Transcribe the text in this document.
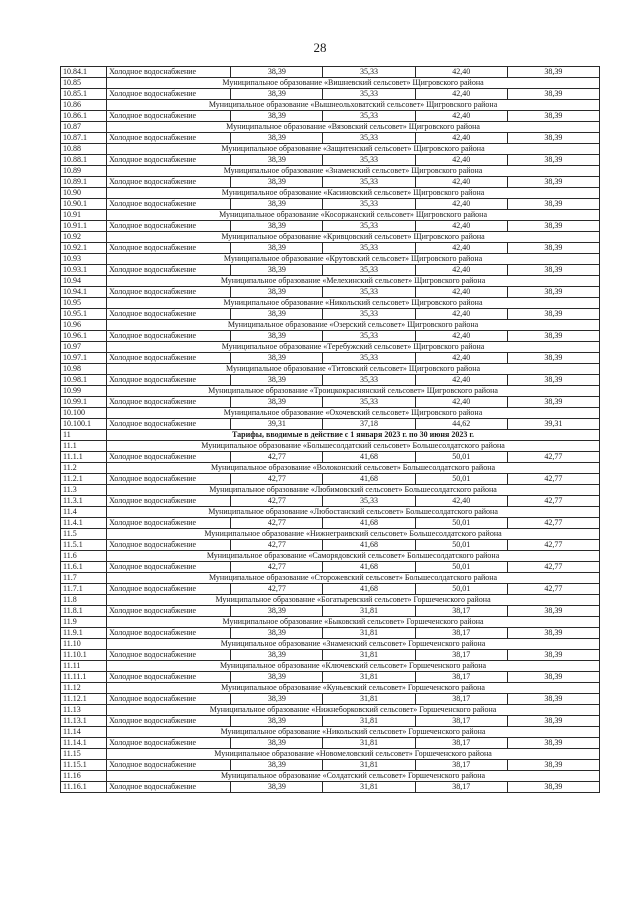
28
10.84.1	Холодное водоснабжение	38,39	35,33	42,40	38,39
10.85	Муниципальное образование «Вишневский сельсовет» Щигровского района				
10.85.1	Холодное водоснабжение	38,39	35,33	42,40	38,39
10.86	Муниципальное образование «Вышнеольховатский сельсовет» Щигровского района				
10.86.1	Холодное водоснабжение	38,39	35,33	42,40	38,39
10.87	Муниципальное образование «Вязовский сельсовет» Щигровского района				
10.87.1	Холодное водоснабжение	38,39	35,33	42,40	38,39
10.88	Муниципальное образование «Защитенский сельсовет» Щигровского района				
10.88.1	Холодное водоснабжение	38,39	35,33	42,40	38,39
10.89	Муниципальное образование «Знаменский сельсовет» Щигровского района				
10.89.1	Холодное водоснабжение	38,39	35,33	42,40	38,39
10.90	Муниципальное образование «Касиновский сельсовет» Щигровского района				
10.90.1	Холодное водоснабжение	38,39	35,33	42,40	38,39
10.91	Муниципальное образование «Косоржанский сельсовет» Щигровского района				
10.91.1	Холодное водоснабжение	38,39	35,33	42,40	38,39
10.92	Муниципальное образование «Кривцовский сельсовет» Щигровского района				
10.92.1	Холодное водоснабжение	38,39	35,33	42,40	38,39
10.93	Муниципальное образование «Крутовский сельсовет» Щигровского района				
10.93.1	Холодное водоснабжение	38,39	35,33	42,40	38,39
10.94	Муниципальное образование «Мелехинский сельсовет» Щигровского района				
10.94.1	Холодное водоснабжение	38,39	35,33	42,40	38,39
10.95	Муниципальное образование «Никольский сельсовет» Щигровского района				
10.95.1	Холодное водоснабжение	38,39	35,33	42,40	38,39
10.96	Муниципальное образование «Озерский сельсовет» Щигровского района				
10.96.1	Холодное водоснабжение	38,39	35,33	42,40	38,39
10.97	Муниципальное образование «Теребужский сельсовет» Щигровского района				
10.97.1	Холодное водоснабжение	38,39	35,33	42,40	38,39
10.98	Муниципальное образование «Титовский сельсовет» Щигровского района				
10.98.1	Холодное водоснабжение	38,39	35,33	42,40	38,39
10.99	Муниципальное образование «Троицкокраснянский сельсовет» Щигровского района				
10.99.1	Холодное водоснабжение	38,39	35,33	42,40	38,39
10.100	Муниципальное образование «Охочевский сельсовет» Щигровского района				
10.100.1	Холодное водоснабжение	39,31	37,18	44,62	39,31
11	Тарифы, вводимые в действие с 1 января 2023 г. по 30 июня 2023 г.				
11.1	Муниципальное образование «Большесолдатский сельсовет» Большесолдатского района				
11.1.1	Холодное водоснабжение	42,77	41,68	50,01	42,77
11.2	Муниципальное образование «Волоконский сельсовет» Большесолдатского района				
11.2.1	Холодное водоснабжение	42,77	41,68	50,01	42,77
11.3	Муниципальное образование «Любимовский сельсовет» Большесолдатского района				
11.3.1	Холодное водоснабжение	42,77	35,33	42,40	42,77
11.4	Муниципальное образование «Любостанский сельсовет» Большесолдатского района				
11.4.1	Холодное водоснабжение	42,77	41,68	50,01	42,77
11.5	Муниципальное образование «Нижнеграивский сельсовет» Большесолдатского района				
11.5.1	Холодное водоснабжение	42,77	41,68	50,01	42,77
11.6	Муниципальное образование «Саморядовский сельсовет» Большесолдатского района				
11.6.1	Холодное водоснабжение	42,77	41,68	50,01	42,77
11.7	Муниципальное образование «Сторожевский сельсовет» Большесолдатского района				
11.7.1	Холодное водоснабжение	42,77	41,68	50,01	42,77
11.8	Муниципальное образование «Богатыревский сельсовет» Горшеченского района				
11.8.1	Холодное водоснабжение	38,39	31,81	38,17	38,39
11.9	Муниципальное образование «Быковский сельсовет» Горшеченского района				
11.9.1	Холодное водоснабжение	38,39	31,81	38,17	38,39
11.10	Муниципальное образование «Знаменский сельсовет» Горшеченского района				
11.10.1	Холодное водоснабжение	38,39	31,81	38,17	38,39
11.11	Муниципальное образование «Ключевский сельсовет» Горшеченского района				
11.11.1	Холодное водоснабжение	38,39	31,81	38,17	38,39
11.12	Муниципальное образование «Куньевский сельсовет» Горшеченского района				
11.12.1	Холодное водоснабжение	38,39	31,81	38,17	38,39
11.13	Муниципальное образование «Нижнеборковский сельсовет» Горшеченского района				
11.13.1	Холодное водоснабжение	38,39	31,81	38,17	38,39
11.14	Муниципальное образование «Никольский сельсовет» Горшеченского района				
11.14.1	Холодное водоснабжение	38,39	31,81	38,17	38,39
11.15	Муниципальное образование «Новомеловский сельсовет» Горшеченского района				
11.15.1	Холодное водоснабжение	38,39	31,81	38,17	38,39
11.16	Муниципальное образование «Солдатский сельсовет» Горшеченского района				
11.16.1	Холодное водоснабжение	38,39	31,81	38,17	38,39
